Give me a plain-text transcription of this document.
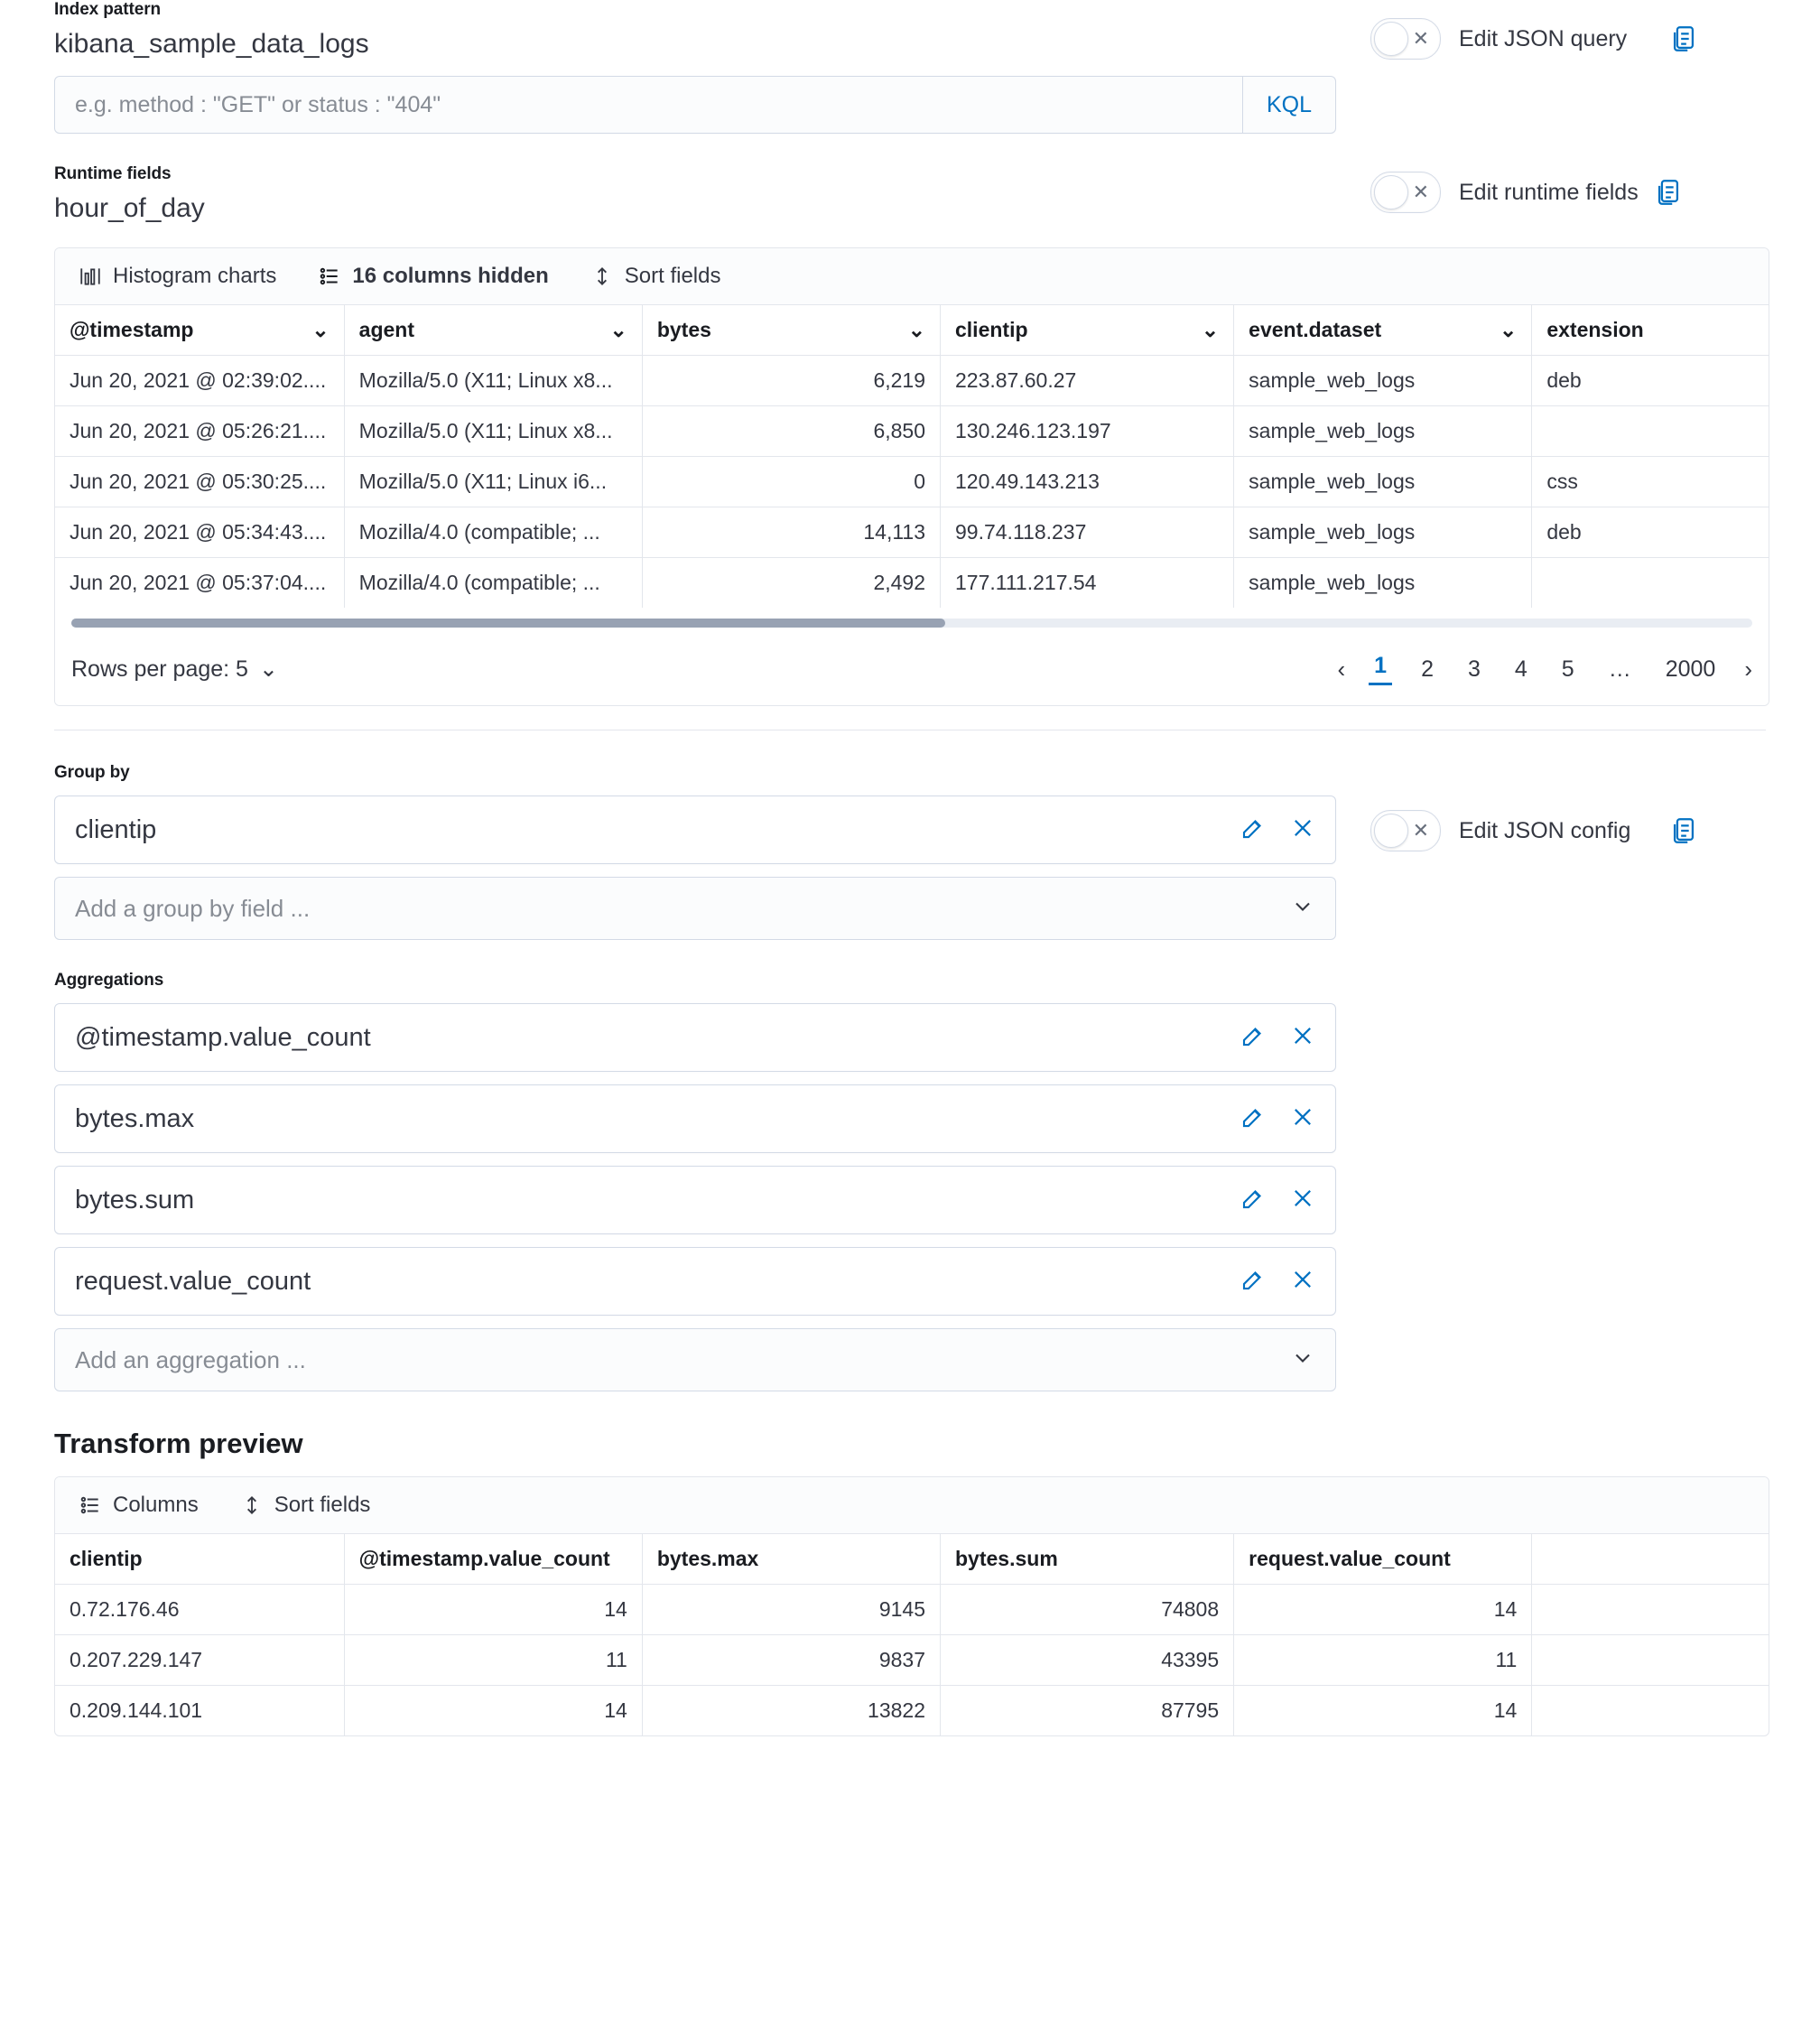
Index pattern
kibana_sample_data_logs
e.g. method : "GET" or status : "404"
KQL
✕ Edit JSON query
Runtime fields
hour_of_day
✕ Edit runtime fields
Histogram charts	16 columns hidden	Sort fields
@timestamp ⌄	agent ⌄	bytes ⌄	clientip ⌄	event.dataset ⌄	extension

Jun 20, 2021 @ 02:39:02....	Mozilla/5.0 (X11; Linux x8...	6,219	223.87.60.27	sample_web_logs	deb
Jun 20, 2021 @ 05:26:21....	Mozilla/5.0 (X11; Linux x8...	6,850	130.246.123.197	sample_web_logs	
Jun 20, 2021 @ 05:30:25....	Mozilla/5.0 (X11; Linux i6...	0	120.49.143.213	sample_web_logs	css
Jun 20, 2021 @ 05:34:43....	Mozilla/4.0 (compatible; ...	14,113	99.74.118.237	sample_web_logs	deb
Jun 20, 2021 @ 05:37:04....	Mozilla/4.0 (compatible; ...	2,492	177.111.217.54	sample_web_logs	
Rows per page: 5 ⌄	‹ 1 2 3 4 5 … 2000 ›
Group by
clientip
Add a group by field ...
✕ Edit JSON config
Aggregations
@timestamp.value_count
bytes.max
bytes.sum
request.value_count
Add an aggregation ...
Transform preview
Columns	Sort fields
clientip	@timestamp.value_count	bytes.max	bytes.sum	request.value_count	
0.72.176.46	14	9145	74808	14	
0.207.229.147	11	9837	43395	11	
0.209.144.101	14	13822	87795	14	
